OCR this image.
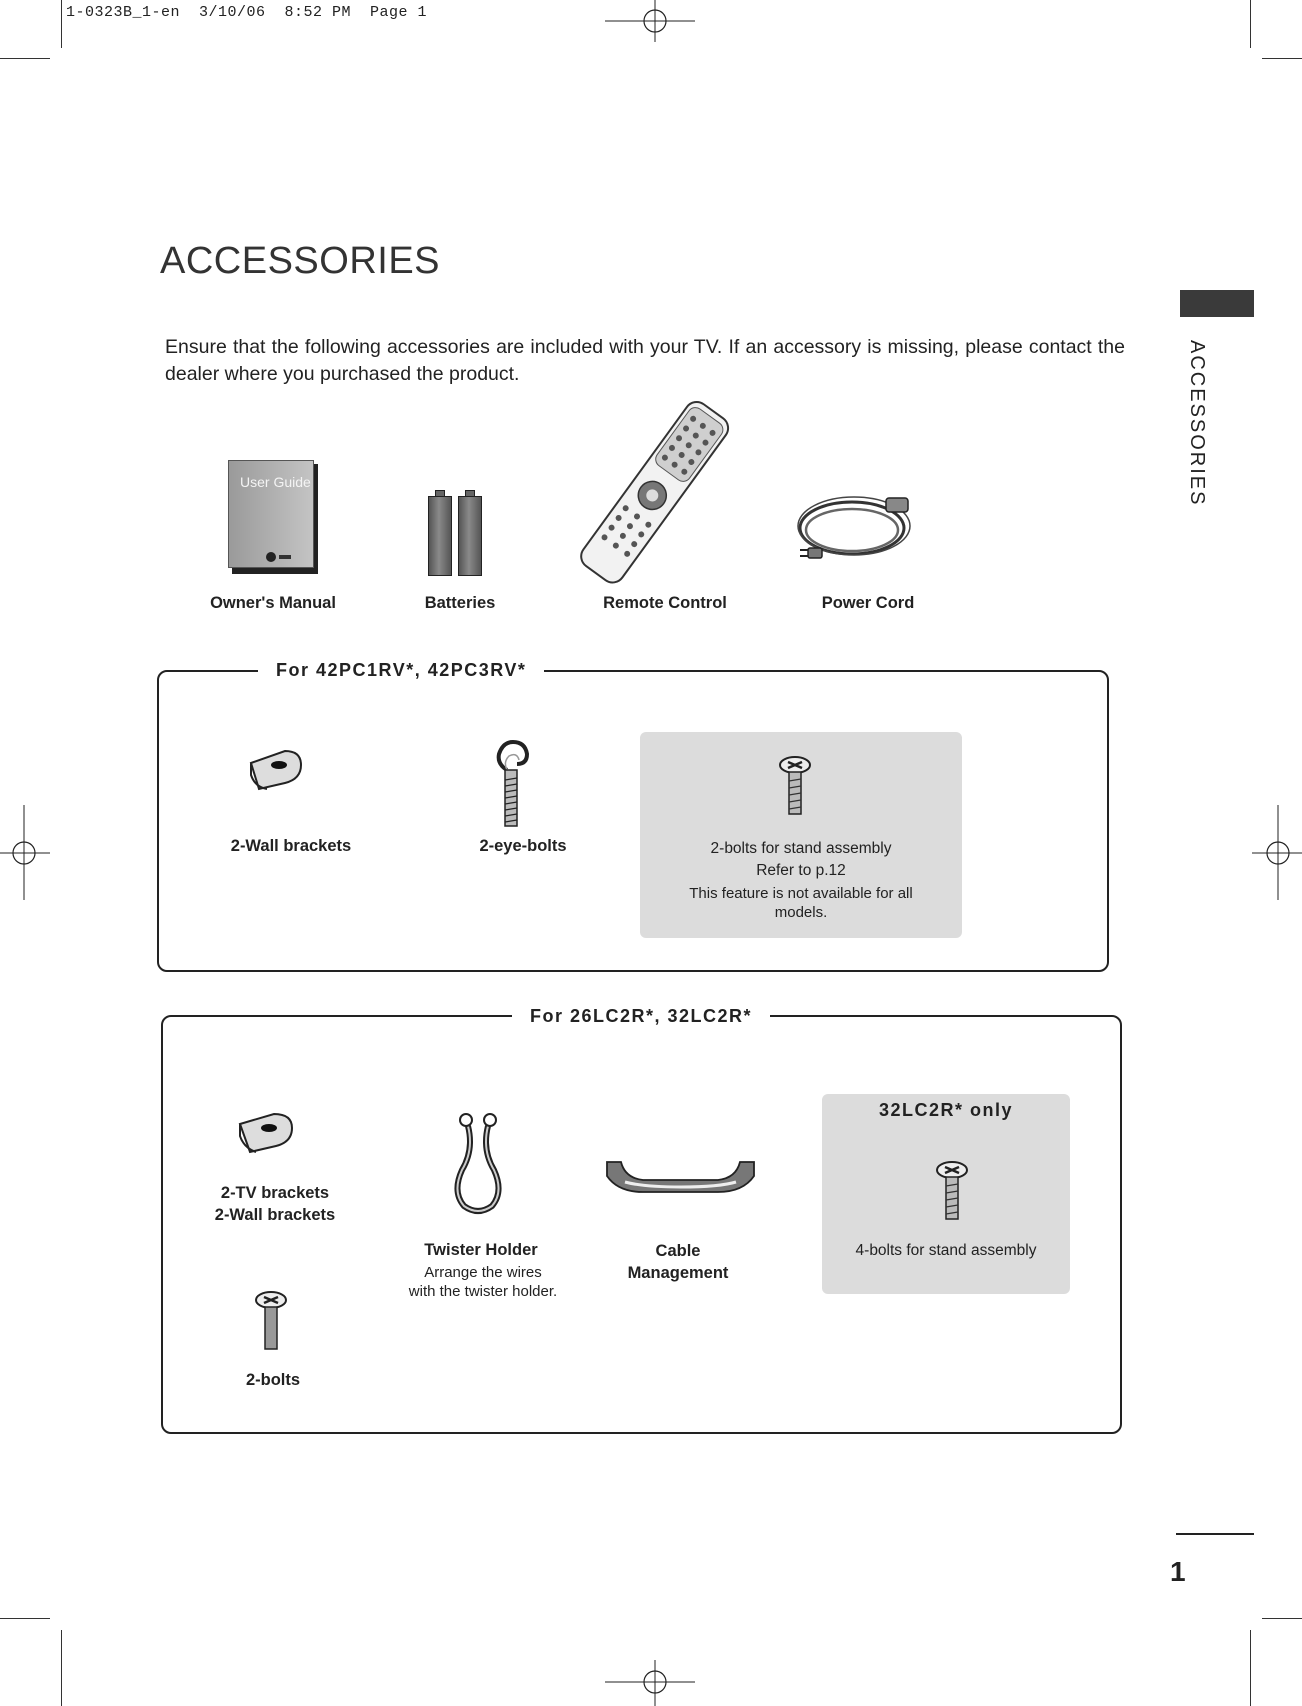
1-0323B_1-en  3/10/06  8:52 PM  Page 1
ACCESSORIES
ACCESSORIES
Ensure that the following accessories are included with your TV. If an accessory is missing, please contact the dealer where you purchased the product.
User Guide
Owner's Manual	Batteries	Remote Control	Power Cord
For 42PC1RV*, 42PC3RV*
2-Wall brackets	2-eye-bolts	2-bolts for stand assembly
Refer to p.12
This feature is not available for all models.
For 26LC2R*, 32LC2R*
2-TV brackets
2-Wall brackets
2-bolts
Twister Holder
Arrange the wires
with the twister holder.
Cable
Management
32LC2R* only
4-bolts for stand assembly
1
